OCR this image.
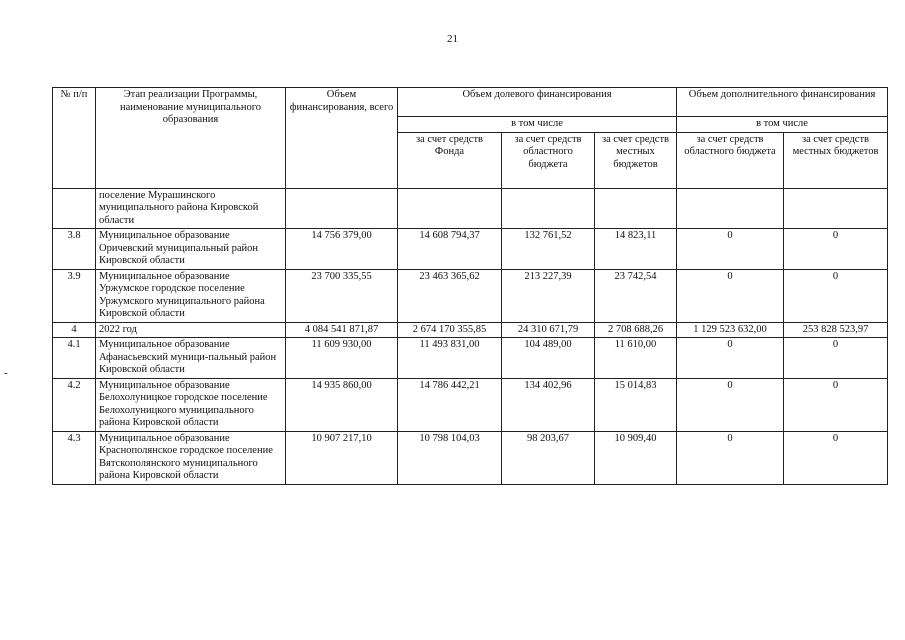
21
-
№ п/п	Этап реализации Программы, наименование муниципального образования	Объем финансирования, всего	Объем долевого финансирования			Объем дополнительного финансирования	
			в том числе			в том числе	
			за счет средств Фонда	за счет средств областного бюджета	за счет средств местных бюджетов	за счет средств областного бюджета	за счет средств местных бюджетов
	поселение Мурашинского муниципального района Кировской области						
3.8	Муниципальное образование Оричевский муниципальный район Кировской области	14 756 379,00	14 608 794,37	132 761,52	14 823,11	0	0
3.9	Муниципальное образование Уржумское городское поселение Уржумского муниципального района Кировской области	23 700 335,55	23 463 365,62	213 227,39	23 742,54	0	0
4	2022 год	4 084 541 871,87	2 674 170 355,85	24 310 671,79	2 708 688,26	1 129 523 632,00	253 828 523,97
4.1	Муниципальное образование Афанасьевский муници-пальный район Кировской области	11 609 930,00	11 493 831,00	104 489,00	11 610,00	0	0
4.2	Муниципальное образование Белохолуницкое городское поселение Белохолуницкого муниципального района Кировской области	14 935 860,00	14 786 442,21	134 402,96	15 014,83	0	0
4.3	Муниципальное образование Краснополянское городское поселение Вятскополянского муниципального района Кировской области	10 907 217,10	10 798 104,03	98 203,67	10 909,40	0	0
